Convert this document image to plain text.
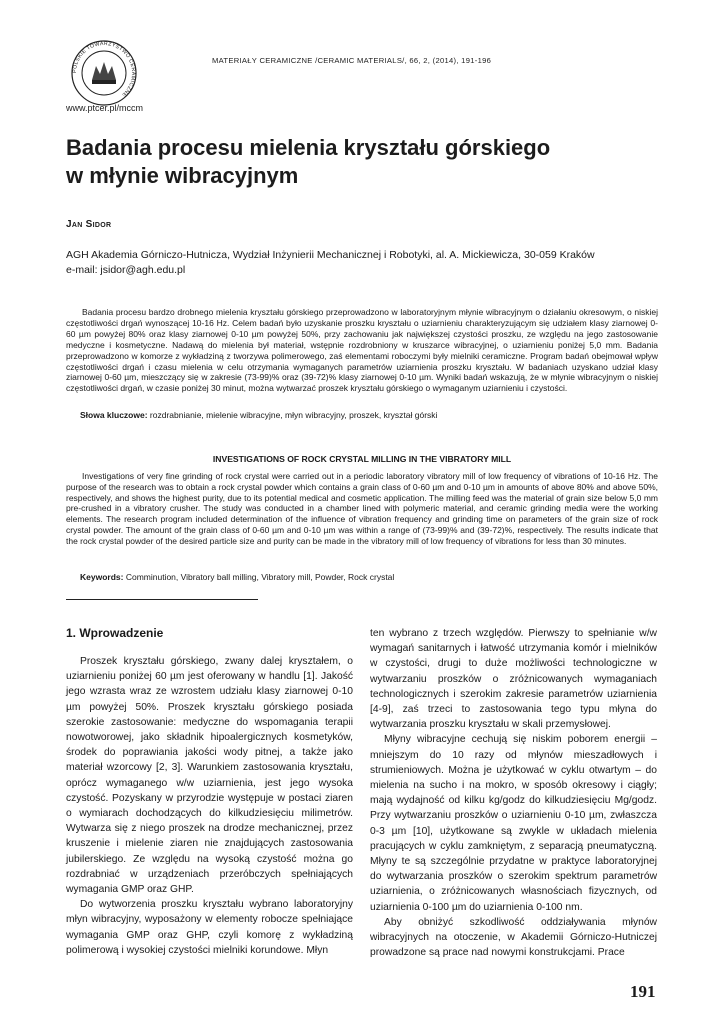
POLSKIE TOWARZYSTWO CERAMICZNE
www.ptcer.pl/mccm
MATERIAŁY CERAMICZNE /CERAMIC MATERIALS/, 66, 2, (2014), 191-196
Badania procesu mielenia kryształu górskiego
w młynie wibracyjnym
Jan Sidor
AGH Akademia Górniczo-Hutnicza, Wydział Inżynierii Mechanicznej i Robotyki, al. A. Mickiewicza, 30-059 Kraków
e-mail: jsidor@agh.edu.pl
Badania procesu bardzo drobnego mielenia kryształu górskiego przeprowadzono w laboratoryjnym młynie wibracyjnym o działaniu okresowym, o niskiej częstotliwości drgań wynoszącej 10-16 Hz. Celem badań było uzyskanie proszku kryształu o uziarnieniu charakteryzującym się udziałem klasy ziarnowej 0-60 µm powyżej 80% oraz klasy ziarnowej 0-10 µm powyżej 50%, przy zachowaniu jak największej czystości proszku, ze względu na jego zastosowanie medyczne i kosmetyczne. Nadawą do mielenia był materiał, wstępnie rozdrobniony w kruszarce wibracyjnej, o uziarnieniu poniżej 5,0 mm. Badania przeprowadzono w komorze z wykładziną z tworzywa polimerowego, zaś elementami roboczymi były mielniki ceramiczne. Program badań obejmował wpływ częstotliwości drgań i czasu mielenia w celu otrzymania wymaganych parametrów uziarnienia proszku kryształu. W badaniach uzyskano udział klasy ziarnowej 0-60 µm, mieszczący się w zakresie (73-99)% oraz (39-72)% klasy ziarnowej 0-10 µm. Wyniki badań wskazują, że w młynie wibracyjnym o niskiej częstotliwości drgań, w czasie poniżej 30 minut, można wytwarzać proszek kryształu górskiego o wymaganym uziarnieniu i czystości.
Słowa kluczowe: rozdrabnianie, mielenie wibracyjne, młyn wibracyjny, proszek, kryształ górski
INVESTIGATIONS OF ROCK CRYSTAL MILLING IN THE VIBRATORY MILL
Investigations of very fine grinding of rock crystal were carried out in a periodic laboratory vibratory mill of low frequency of vibrations of 10-16 Hz. The purpose of the research was to obtain a rock crystal powder which contains a grain class of 0-60 µm and 0-10 µm in amounts of above 80% and above 50%, respectively, and shows the highest purity, due to its potential medical and cosmetic application. The milling feed was the material of grain size below 5,0 mm pre-crushed in a vibratory crusher. The study was conducted in a chamber lined with polymeric material, and ceramic grinding media were the working elements. The research program included determination of the influence of vibration frequency and grinding time on parameters of the grain size of rock crystal powder. The amount of the grain class of 0-60 µm and 0-10 µm was within a range of (73-99)% and (39-72)%, respectively. The results indicate that the rock crystal powder of the desired particle size and purity can be made in the vibratory mill of low frequency of vibrations for less than 30 minutes.
Keywords: Comminution, Vibratory ball milling, Vibratory mill, Powder, Rock crystal
1. Wprowadzenie

Proszek kryształu górskiego, zwany dalej kryształem, o uziarnieniu poniżej 60 µm jest oferowany w handlu [1]. Jakość jego wzrasta wraz ze wzrostem udziału klasy ziarnowej 0-10 µm powyżej 50%. Proszek kryształu górskiego posiada szerokie zastosowanie: medyczne do wspomagania terapii nowotworowej, jako składnik hipoalergicznych kosmetyków, środek do poprawiania jakości wody pitnej, a także jako materiał wzorcowy [2, 3]. Warunkiem zastosowania kryształu, oprócz wymaganego w/w uziarnienia, jest jego wysoka czystość. Pozyskany w przyrodzie występuje w postaci ziaren o wymiarach dochodzących do kilkudziesięciu milimetrów. Wytwarza się z niego proszek na drodze mechanicznej, przez kruszenie i mielenie ziaren nie znajdujących zastosowania jubilerskiego. Ze względu na wysoką czystość można go rozdrabniać w urządzeniach przeróbczych spełniających wymagania GMP oraz GHP.

Do wytworzenia proszku kryształu wybrano laboratoryjny młyn wibracyjny, wyposażony w elementy robocze spełniające wymagania GMP oraz GHP, czyli komorę z wykładziną polimerową i wysokiej czystości mielniki korundowe. Młyn

ten wybrano z trzech względów. Pierwszy to spełnianie w/w wymagań sanitarnych i łatwość utrzymania komór i mielników w czystości, drugi to duże możliwości technologiczne w wytwarzaniu proszków o zróżnicowanych wymaganiach technologicznych i szerokim zakresie parametrów uziarnienia [4-9], zaś trzeci to zastosowania tego typu młyna do wytwarzania proszku kryształu w skali przemysłowej.

Młyny wibracyjne cechują się niskim poborem energii – mniejszym do 10 razy od młynów mieszadłowych i strumieniowych. Można je użytkować w cyklu otwartym – do mielenia na sucho i na mokro, w sposób okresowy i ciągły; mają wydajność od kilku kg/godz do kilkudziesięciu Mg/godz. Przy wytwarzaniu proszków o uziarnieniu 0-10 µm, zwłaszcza 0-3 µm [10], użytkowane są zwykle w układach mielenia pracujących w cyklu zamkniętym, z separacją pneumatyczną. Młyny te są szczególnie przydatne w praktyce laboratoryjnej do wytwarzania proszków o szerokim spektrum parametrów uziarnienia, o zróżnicowanych własnościach fizycznych, od uziarnienia 0-100 µm do uziarnienia 0-100 nm.

Aby obniżyć szkodliwość oddziaływania młynów wibracyjnych na otoczenie, w Akademii Górniczo-Hutniczej prowadzone są prace nad nowymi konstrukcjami. Prace

191
